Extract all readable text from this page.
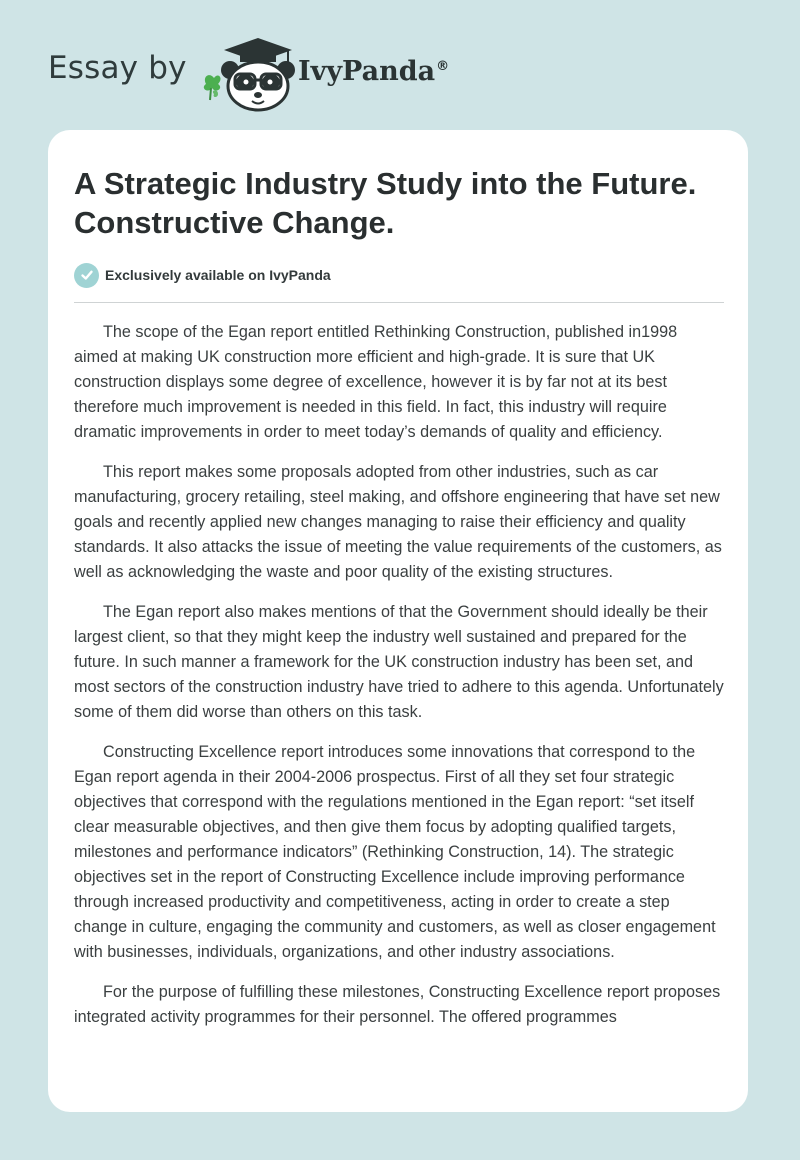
Essay by	IvyPanda®
A Strategic Industry Study into the Future. Constructive Change.
Exclusively available on IvyPanda

The scope of the Egan report entitled Rethinking Construction, published in1998 aimed at making UK construction more efficient and high-grade. It is sure that UK construction displays some degree of excellence, however it is by far not at its best therefore much improvement is needed in this field. In fact, this industry will require dramatic improvements in order to meet today’s demands of quality and efficiency.

This report makes some proposals adopted from other industries, such as car manufacturing, grocery retailing, steel making, and offshore engineering that have set new goals and recently applied new changes managing to raise their efficiency and quality standards. It also attacks the issue of meeting the value requirements of the customers, as well as acknowledging the waste and poor quality of the existing structures.

The Egan report also makes mentions of that the Government should ideally be their largest client, so that they might keep the industry well sustained and prepared for the future. In such manner a framework for the UK construction industry has been set, and most sectors of the construction industry have tried to adhere to this agenda. Unfortunately some of them did worse than others on this task.

Constructing Excellence report introduces some innovations that correspond to the Egan report agenda in their 2004-2006 prospectus. First of all they set four strategic objectives that correspond with the regulations mentioned in the Egan report: “set itself clear measurable objectives, and then give them focus by adopting qualified targets, milestones and performance indicators” (Rethinking Construction, 14). The strategic objectives set in the report of Constructing Excellence include improving performance through increased productivity and competitiveness, acting in order to create a step change in culture, engaging the community and customers, as well as closer engagement with businesses, individuals, organizations, and other industry associations.

For the purpose of fulfilling these milestones, Constructing Excellence report proposes integrated activity programmes for their personnel. The offered programmes
